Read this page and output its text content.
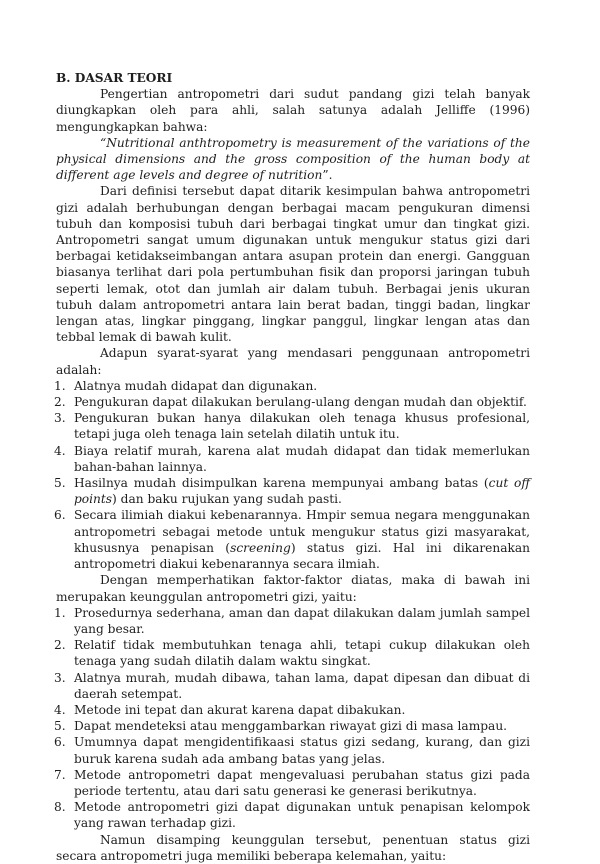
B. DASAR TEORI

Pengertian antropometri dari sudut pandang gizi telah banyak diungkapkan oleh para ahli, salah satunya adalah Jelliffe (1996) mengungkapkan bahwa:

“Nutritional anthtropometry is measurement of the variations of the physical dimensions and the gross composition of the human body at different age levels and degree of nutrition”.

Dari definisi tersebut dapat ditarik kesimpulan bahwa antropometri gizi adalah berhubungan dengan berbagai macam pengukuran dimensi tubuh dan komposisi tubuh dari berbagai tingkat umur dan tingkat gizi. Antropometri sangat umum digunakan untuk mengukur status gizi dari berbagai ketidakseimbangan antara asupan protein dan energi. Gangguan biasanya terlihat dari pola pertumbuhan fisik dan proporsi jaringan tubuh seperti lemak, otot dan jumlah air dalam tubuh. Berbagai jenis ukuran tubuh dalam antropometri antara lain berat badan, tinggi badan, lingkar lengan atas, lingkar pinggang, lingkar panggul, lingkar lengan atas dan tebbal lemak di bawah kulit.

Adapun syarat-syarat yang mendasari penggunaan antropometri adalah:

1. Alatnya mudah didapat dan digunakan.
2. Pengukuran dapat dilakukan berulang-ulang dengan mudah dan objektif.
3. Pengukuran bukan hanya dilakukan oleh tenaga khusus profesional, tetapi juga oleh tenaga lain setelah dilatih untuk itu.
4. Biaya relatif murah, karena alat mudah didapat dan tidak memerlukan bahan-bahan lainnya.
5. Hasilnya mudah disimpulkan karena mempunyai ambang batas (cut off points) dan baku rujukan yang sudah pasti.
6. Secara ilimiah diakui kebenarannya. Hmpir semua negara menggunakan antropometri sebagai metode untuk mengukur status gizi masyarakat, khususnya penapisan (screening) status gizi. Hal ini dikarenakan antropometri diakui kebenarannya secara ilmiah.

Dengan memperhatikan faktor-faktor diatas, maka di bawah ini merupakan keunggulan antropometri gizi, yaitu:

1. Prosedurnya sederhana, aman dan dapat dilakukan dalam jumlah sampel yang besar.
2. Relatif tidak membutuhkan tenaga ahli, tetapi cukup dilakukan oleh tenaga yang sudah dilatih dalam waktu singkat.
3. Alatnya murah, mudah dibawa, tahan lama, dapat dipesan dan dibuat di daerah setempat.
4. Metode ini tepat dan akurat karena dapat dibakukan.
5. Dapat mendeteksi atau menggambarkan riwayat gizi di masa lampau.
6. Umumnya dapat mengidentifikaasi status gizi sedang, kurang, dan gizi buruk karena sudah ada ambang batas yang jelas.
7. Metode antropometri dapat mengevaluasi perubahan status gizi pada periode tertentu, atau dari satu generasi ke generasi berikutnya.
8. Metode antropometri gizi dapat digunakan untuk penapisan kelompok yang rawan terhadap gizi.

Namun disamping keunggulan tersebut, penentuan status gizi secara antropometri juga memiliki beberapa kelemahan, yaitu:
